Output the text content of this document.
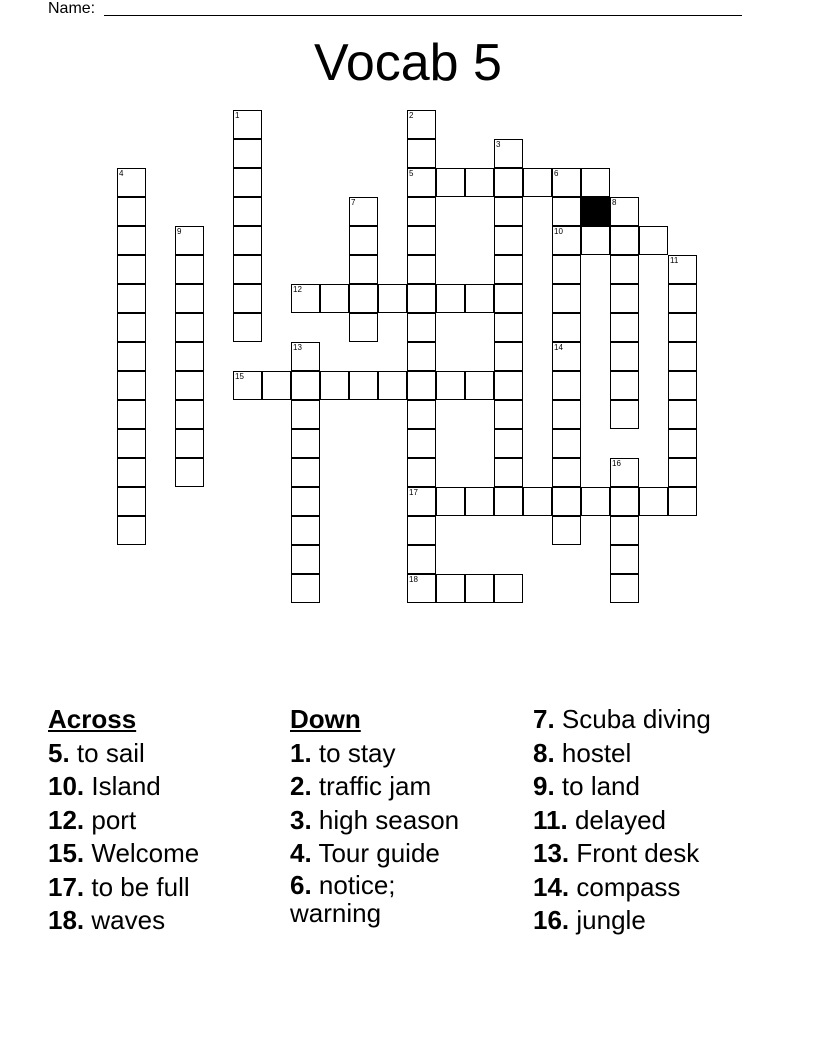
Name:
Vocab 5
1	2
5
17
18
3
4	6
10
14
7	8
9
11
12
13
15
16
Across
5. to sail
10. Island
12. port
15. Welcome
17. to be full
18. waves
Down
1. to stay
2. traffic jam
3. high season
4. Tour guide
6. notice; warning
7. Scuba diving
8. hostel
9. to land
11. delayed
13. Front desk
14. compass
16. jungle
